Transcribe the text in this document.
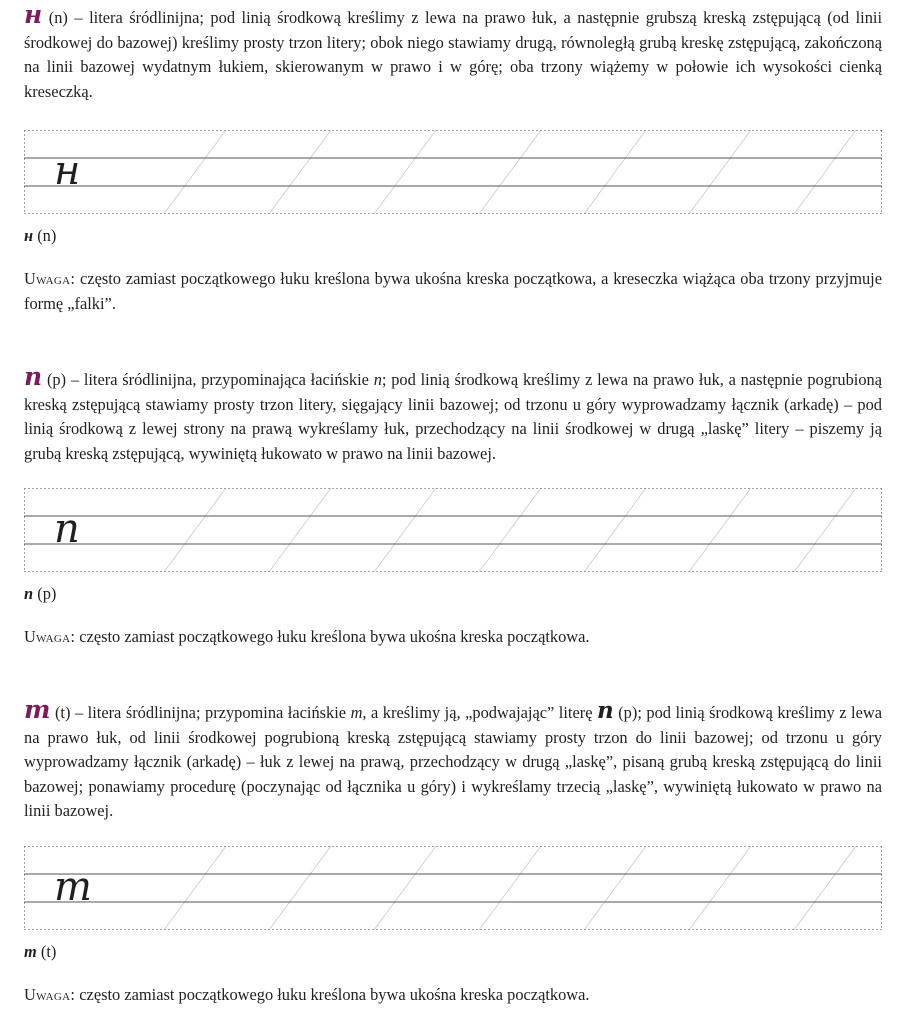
н (n) – litera śródlinijna; pod linią środkową kreślimy z lewa na prawo łuk, a następnie grubszą kreską zstępującą (od linii środkowej do bazowej) kreślimy prosty trzon litery; obok niego stawiamy drugą, równoległą grubą kreskę zstępującą, zakończoną na linii bazowej wydatnym łukiem, skierowanym w prawo i w górę; oba trzony wiążemy w połowie ich wysokości cienką kreseczką.

н

н (n)

Uwaga: często zamiast początkowego łuku kreślona bywa ukośna kreska początkowa, a kreseczka wiążąca oba trzony przyjmuje formę „falki”.

п (p) – litera śródlinijna, przypominająca łacińskie n; pod linią środkową kreślimy z lewa na prawo łuk, a następnie pogrubioną kreską zstępującą stawiamy prosty trzon litery, sięgający linii bazowej; od trzonu u góry wyprowadzamy łącznik (arkadę) – pod linią środkową z lewej strony na prawą wykreślamy łuk, przechodzący na linii środkowej w drugą „laskę” litery – piszemy ją grubą kreską zstępującą, wywiniętą łukowato w prawo na linii bazowej.

п

п (p)

Uwaga: często zamiast początkowego łuku kreślona bywa ukośna kreska początkowa.

т (t) – litera śródlinijna; przypomina łacińskie m, a kreślimy ją, „podwajając” literę п (p); pod linią środkową kreślimy z lewa na prawo łuk, od linii środkowej pogrubioną kreską zstępującą stawiamy prosty trzon do linii bazowej; od trzonu u góry wyprowadzamy łącznik (arkadę) – łuk z lewej na prawą, przechodzący w drugą „laskę”, pisaną grubą kreską zstępującą do linii bazowej; ponawiamy procedurę (poczynając od łącznika u góry) i wykreślamy trzecią „laskę”, wywiniętą łukowato w prawo na linii bazowej.

т

т (t)

Uwaga: często zamiast początkowego łuku kreślona bywa ukośna kreska początkowa.
